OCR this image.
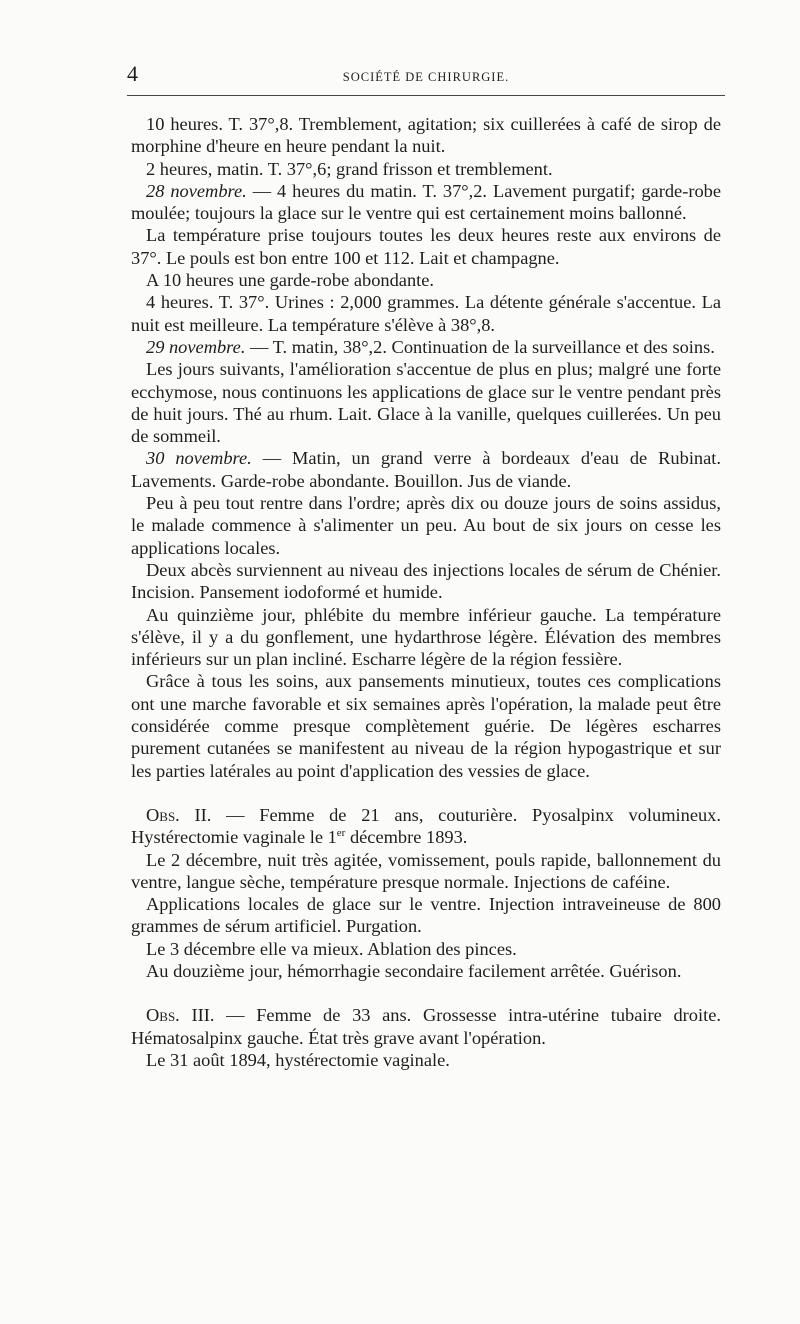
4	SOCIÉTÉ DE CHIRURGIE.

10 heures. T. 37°,8. Tremblement, agitation; six cuillerées à café de sirop de morphine d'heure en heure pendant la nuit.

2 heures, matin. T. 37°,6; grand frisson et tremblement.

28 novembre. — 4 heures du matin. T. 37°,2. Lavement purgatif; garde-robe moulée; toujours la glace sur le ventre qui est certainement moins ballonné.

La température prise toujours toutes les deux heures reste aux environs de 37°. Le pouls est bon entre 100 et 112. Lait et champagne.

A 10 heures une garde-robe abondante.

4 heures. T. 37°. Urines : 2,000 grammes. La détente générale s'accentue. La nuit est meilleure. La température s'élève à 38°,8.

29 novembre. — T. matin, 38°,2. Continuation de la surveillance et des soins.

Les jours suivants, l'amélioration s'accentue de plus en plus; malgré une forte ecchymose, nous continuons les applications de glace sur le ventre pendant près de huit jours. Thé au rhum. Lait. Glace à la vanille, quelques cuillerées. Un peu de sommeil.

30 novembre. — Matin, un grand verre à bordeaux d'eau de Rubinat. Lavements. Garde-robe abondante. Bouillon. Jus de viande.

Peu à peu tout rentre dans l'ordre; après dix ou douze jours de soins assidus, le malade commence à s'alimenter un peu. Au bout de six jours on cesse les applications locales.

Deux abcès surviennent au niveau des injections locales de sérum de Chénier. Incision. Pansement iodoformé et humide.

Au quinzième jour, phlébite du membre inférieur gauche. La température s'élève, il y a du gonflement, une hydarthrose légère. Élévation des membres inférieurs sur un plan incliné. Escharre légère de la région fessière.

Grâce à tous les soins, aux pansements minutieux, toutes ces complications ont une marche favorable et six semaines après l'opération, la malade peut être considérée comme presque complètement guérie. De légères escharres purement cutanées se manifestent au niveau de la région hypogastrique et sur les parties latérales au point d'application des vessies de glace.

Obs. II. — Femme de 21 ans, couturière. Pyosalpinx volumineux. Hystérectomie vaginale le 1er décembre 1893.

Le 2 décembre, nuit très agitée, vomissement, pouls rapide, ballonnement du ventre, langue sèche, température presque normale. Injections de caféine.

Applications locales de glace sur le ventre. Injection intraveineuse de 800 grammes de sérum artificiel. Purgation.

Le 3 décembre elle va mieux. Ablation des pinces.

Au douzième jour, hémorrhagie secondaire facilement arrêtée. Guérison.

Obs. III. — Femme de 33 ans. Grossesse intra-utérine tubaire droite. Hématosalpinx gauche. État très grave avant l'opération.

Le 31 août 1894, hystérectomie vaginale.
